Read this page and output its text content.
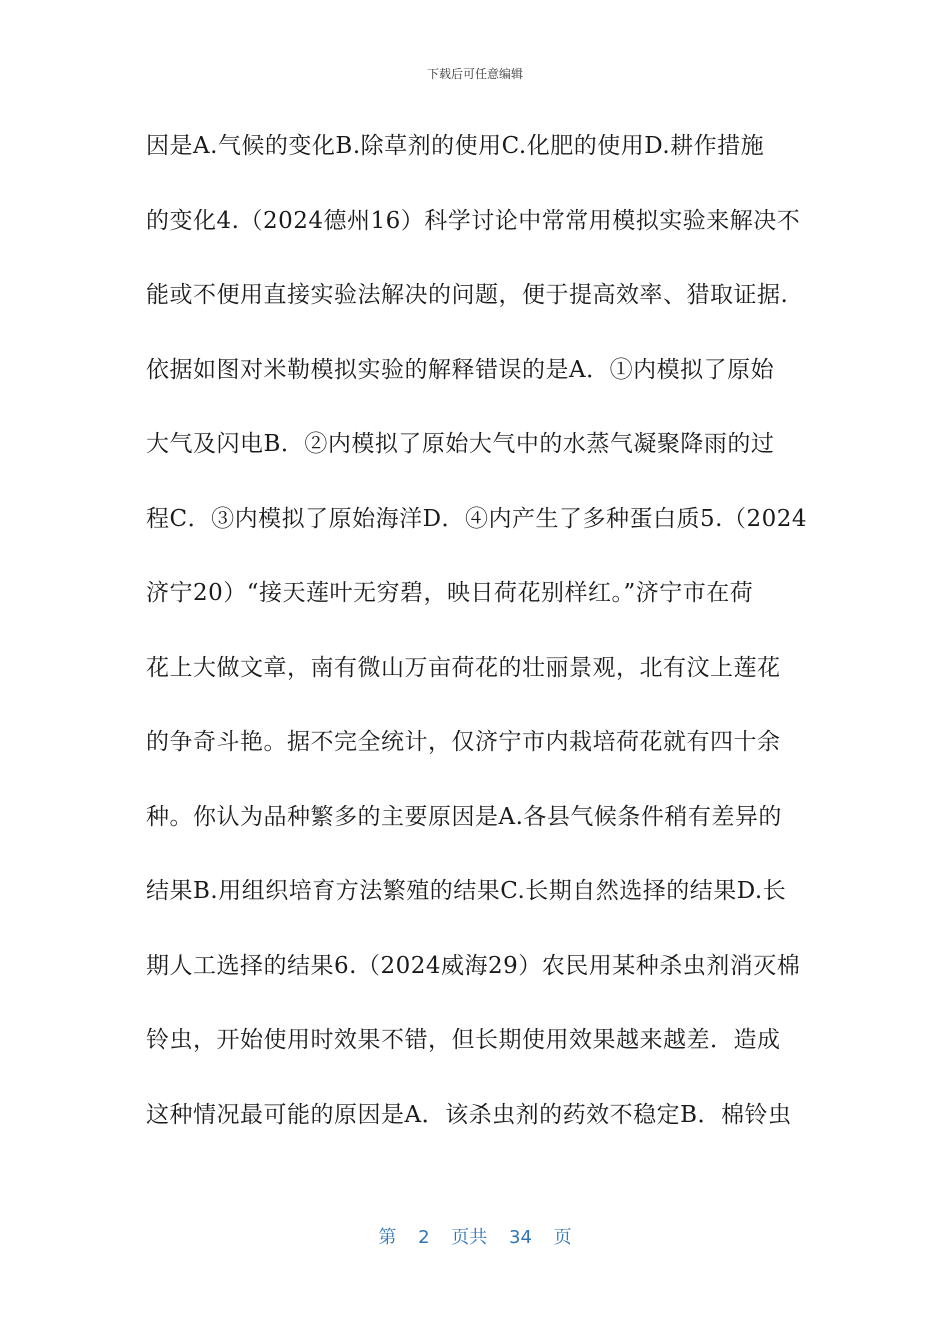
下载后可任意编辑
因是A.气候的变化B.除草剂的使用C.化肥的使用D.耕作措施
的变化4.（2024德州16）科学讨论中常常用模拟实验来解决不
能或不便用直接实验法解决的问题，便于提高效率、猎取证据.
依据如图对米勒模拟实验的解释错误的是A．①内模拟了原始
大气及闪电B．②内模拟了原始大气中的水蒸气凝聚降雨的过
程C．③内模拟了原始海洋D．④内产生了多种蛋白质5.（2024
济宁20）“接天莲叶无穷碧，映日荷花别样红。”济宁市在荷
花上大做文章，南有微山万亩荷花的壮丽景观，北有汶上莲花
的争奇斗艳。据不完全统计，仅济宁市内栽培荷花就有四十余
种。你认为品种繁多的主要原因是A.各县气候条件稍有差异的
结果B.用组织培育方法繁殖的结果C.长期自然选择的结果D.长
期人工选择的结果6.（2024威海29）农民用某种杀虫剂消灭棉
铃虫，开始使用时效果不错，但长期使用效果越来越差．造成
这种情况最可能的原因是A．该杀虫剂的药效不稳定B．棉铃虫
第 2 页共 34 页
